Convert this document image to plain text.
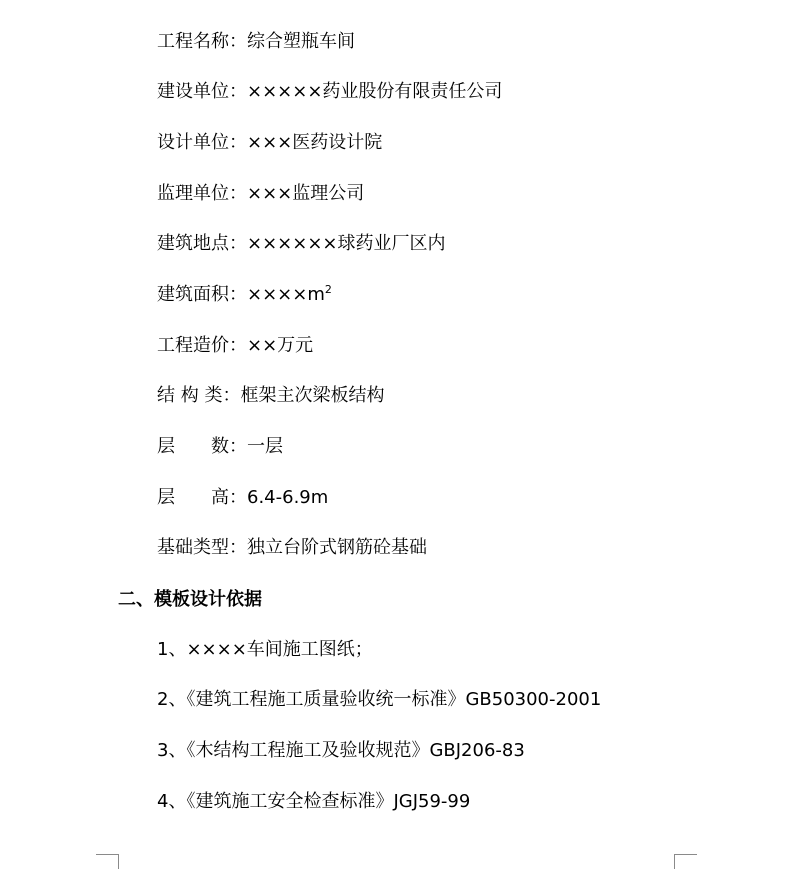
工程名称：综合塑瓶车间
建设单位：×××××药业股份有限责任公司
设计单位：×××医药设计院
监理单位：×××监理公司
建筑地点：××××××球药业厂区内
建筑面积：$\times\times\times\times m^2$
工程造价：××万元
结 构 类：框架主次梁板结构
层　　数：一层
层　　高：6.4-6.9m
基础类型：独立台阶式钢筋砼基础
二、模板设计依据
1、××××车间施工图纸；
2、《建筑工程施工质量验收统一标准》GB50300-2001
3、《木结构工程施工及验收规范》GBJ206-83
4、《建筑施工安全检查标准》JGJ59-99
